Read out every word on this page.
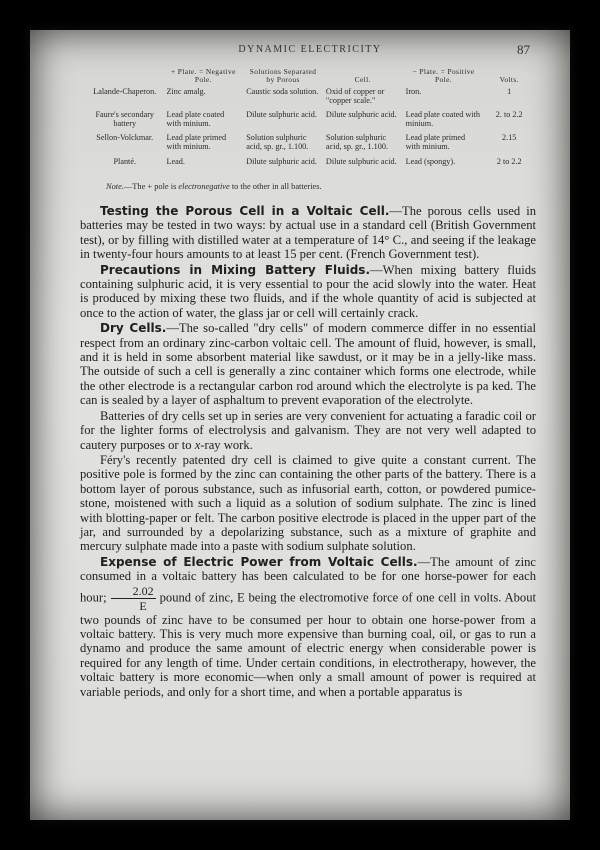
DYNAMIC ELECTRICITY	87
	+ Plate. = Negative Pole.	Solutions Separated by Porous	Cell.	− Plate. = Positive Pole.	Volts.
Lalande-Chaperon.	Zinc amalg.	Caustic soda solution.	Oxid of copper or "copper scale."	Iron.	1
Faure's secondary battery	Lead plate coated with minium.	Dilute sulphuric acid.	Dilute sulphuric acid.	Lead plate coated with minium.	2. to 2.2
Sellon-Volckmar.	Lead plate primed with minium.	Solution sulphuric acid, sp. gr., 1.100.	Solution sulphuric acid, sp. gr., 1.100.	Lead plate primed with minium.	2.15
Planté.	Lead.	Dilute sulphuric acid.	Dilute sulphuric acid.	Lead (spongy).	2 to 2.2
Note.—The + pole is electronegative to the other in all batteries.

Testing the Porous Cell in a Voltaic Cell.—The porous cells used in batteries may be tested in two ways: by actual use in a standard cell (British Government test), or by filling with distilled water at a temperature of 14° C., and seeing if the leakage in twenty-four hours amounts to at least 15 per cent. (French Government test).

Precautions in Mixing Battery Fluids.—When mixing battery fluids containing sulphuric acid, it is very essential to pour the acid slowly into the water. Heat is produced by mixing these two fluids, and if the whole quantity of acid is subjected at once to the action of water, the glass jar or cell will certainly crack.

Dry Cells.—The so-called "dry cells" of modern commerce differ in no essential respect from an ordinary zinc-carbon voltaic cell. The amount of fluid, however, is small, and it is held in some absorbent material like sawdust, or it may be in a jelly-like mass. The outside of such a cell is generally a zinc container which forms one electrode, while the other electrode is a rectangular carbon rod around which the electrolyte is pa ked. The can is sealed by a layer of asphaltum to prevent evaporation of the electrolyte.

Batteries of dry cells set up in series are very convenient for actuating a faradic coil or for the lighter forms of electrolysis and galvanism. They are not very well adapted to cautery purposes or to x-ray work.

Féry's recently patented dry cell is claimed to give quite a constant current. The positive pole is formed by the zinc can containing the other parts of the battery. There is a bottom layer of porous substance, such as infusorial earth, cotton, or powdered pumice-stone, moistened with such a liquid as a solution of sodium sulphate. The zinc is lined with blotting-paper or felt. The carbon positive electrode is placed in the upper part of the jar, and surrounded by a depolarizing substance, such as a mixture of graphite and mercury sulphate made into a paste with sodium sulphate solution.

Expense of Electric Power from Voltaic Cells.—The amount of zinc consumed in a voltaic battery has been calculated to be for one horse-power for each hour; $\frac{2.02}{E}$ pound of zinc, E being the electromotive force of one cell in volts. About two pounds of zinc have to be consumed per hour to obtain one horse-power from a voltaic battery. This is very much more expensive than burning coal, oil, or gas to run a dynamo and produce the same amount of electric energy when considerable power is required for any length of time. Under certain conditions, in electrotherapy, however, the voltaic battery is more economic—when only a small amount of power is required at variable periods, and only for a short time, and when a portable apparatus is
